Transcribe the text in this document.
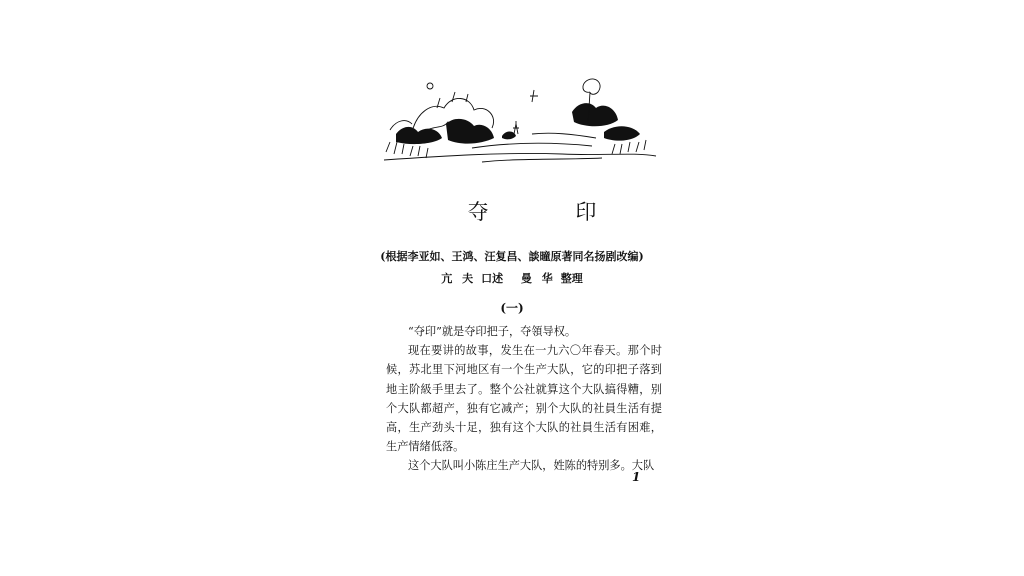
夺 印
(根据李亚如、王鸿、汪复昌、談曈原著同名扬剧改编)
亢 夫 口述 曼 华 整理
(一)

“夺印”就是夺印把子，夺領导权。

现在要讲的故事，发生在一九六〇年春天。那个时候，苏北里下河地区有一个生产大队，它的印把子落到地主阶級手里去了。整个公社就算这个大队搞得糟，别个大队都超产，独有它减产；别个大队的社員生活有提高，生产劲头十足，独有这个大队的社員生活有困难，生产情緒低落。

这个大队叫小陈庄生产大队，姓陈的特别多。大队

1
